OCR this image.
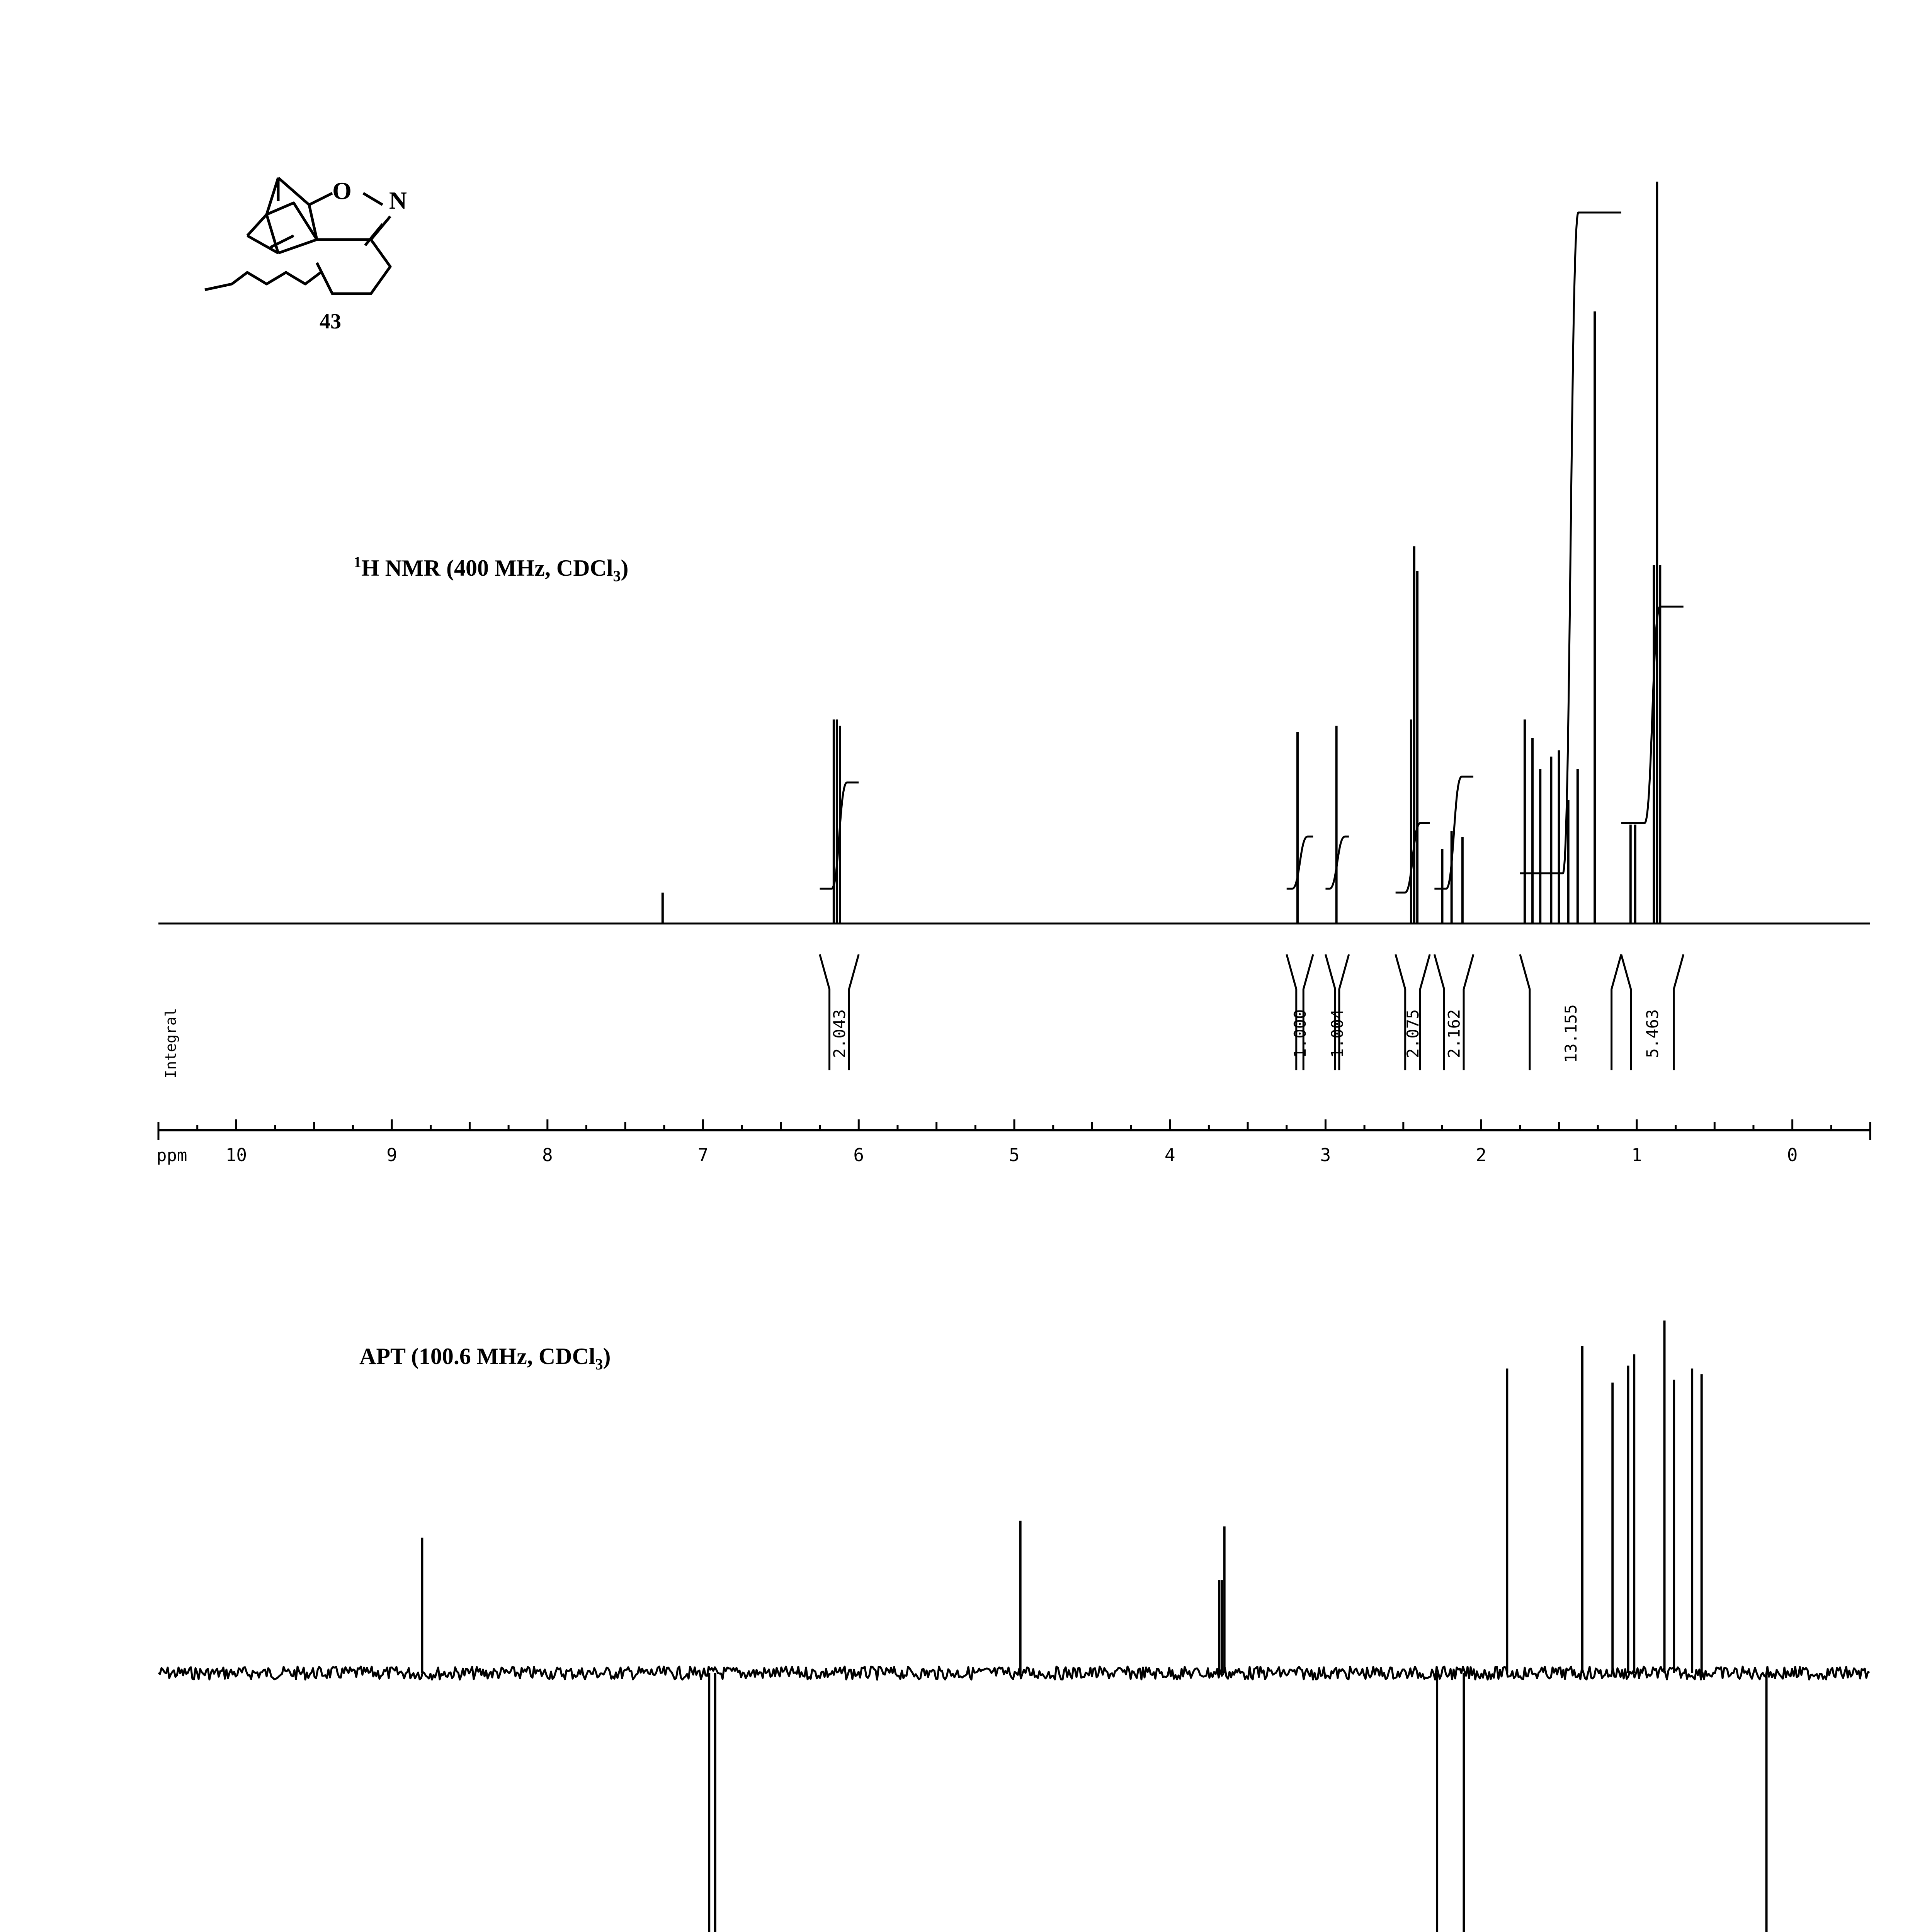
O N
43
$^1$H NMR (400 MHz, CDCl$_3$)
2.043	1.000 1.004	2.075 2.162	13.155	5.463
Integral
10	9	8	7	6	5	4	3	2	1	0
ppm
APT (100.6 MHz, CDCl$_3$)
